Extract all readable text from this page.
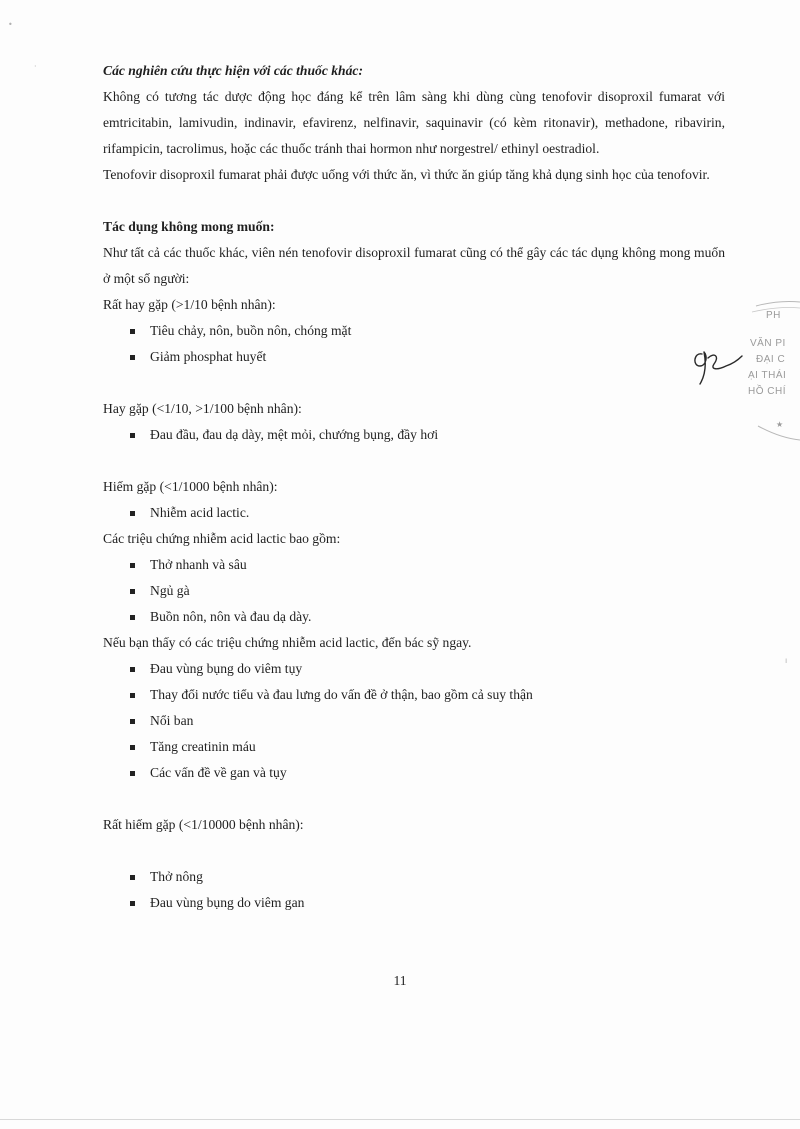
•
·
ı

Các nghiên cứu thực hiện với các thuốc khác:

Không có tương tác dược động học đáng kể trên lâm sàng khi dùng cùng tenofovir disoproxil fumarat với emtricitabin, lamivudin, indinavir, efavirenz, nelfinavir, saquinavir (có kèm ritonavir), methadone, ribavirin, rifampicin, tacrolimus, hoặc các thuốc tránh thai hormon như norgestrel/ ethinyl oestradiol.

Tenofovir disoproxil fumarat phải được uống với thức ăn, vì thức ăn giúp tăng khả dụng sinh học của tenofovir.

Tác dụng không mong muốn:

Như tất cả các thuốc khác, viên nén tenofovir disoproxil fumarat cũng có thể gây các tác dụng không mong muốn ở một số người:

Rất hay gặp (>1/10 bệnh nhân):

Tiêu chảy, nôn, buồn nôn, chóng mặt
Giảm phosphat huyết

Hay gặp (<1/10, >1/100 bệnh nhân):

Đau đầu, đau dạ dày, mệt mỏi, chướng bụng, đầy hơi

Hiếm gặp (<1/1000 bệnh nhân):

Nhiễm acid lactic.

Các triệu chứng nhiễm acid lactic bao gồm:

Thở nhanh và sâu
Ngủ gà
Buồn nôn, nôn và đau dạ dày.

Nếu bạn thấy có các triệu chứng nhiễm acid lactic, đến bác sỹ ngay.

Đau vùng bụng do viêm tụy
Thay đổi nước tiểu và đau lưng do vấn đề ở thận, bao gồm cả suy thận
Nổi ban
Tăng creatinin máu
Các vấn đề về gan và tụy

Rất hiếm gặp (<1/10000 bệnh nhân):

Thở nông
Đau vùng bụng do viêm gan
PH
VĂN PI
ĐẠI C
ẠI THÁI
HỒ CHÍ
★
11
